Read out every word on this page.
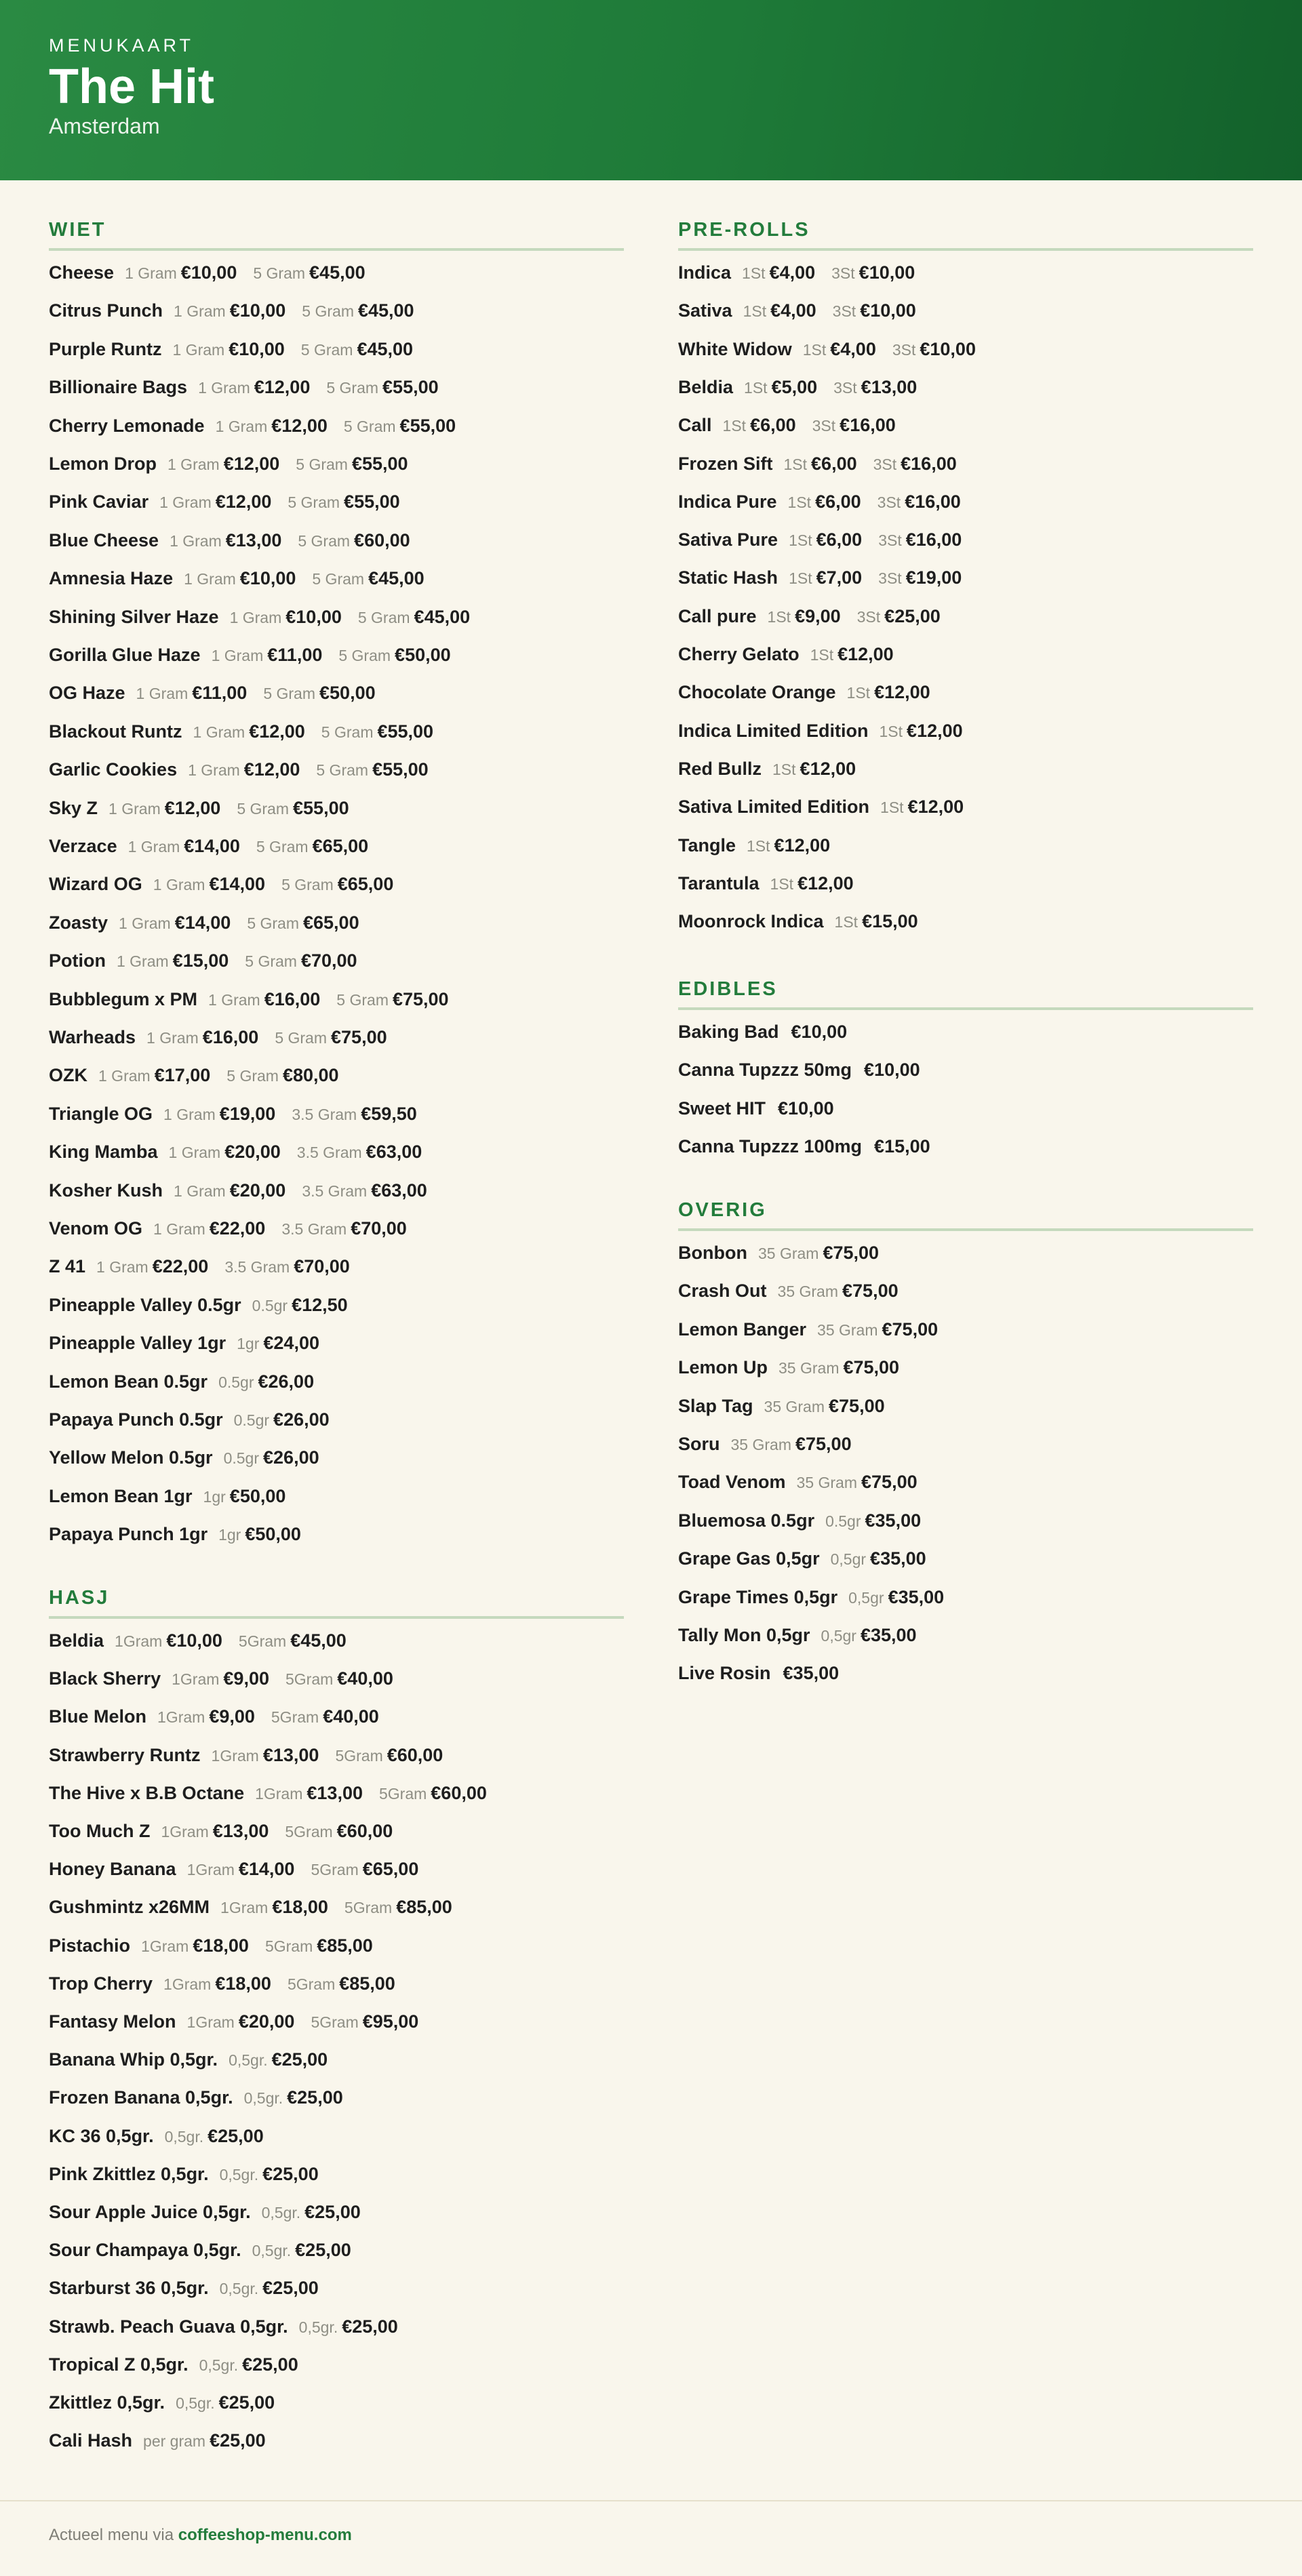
MENUKAART
The Hit
Amsterdam
WIET
Cheese 1 Gram €10,00 5 Gram €45,00
Citrus Punch 1 Gram €10,00 5 Gram €45,00
Purple Runtz 1 Gram €10,00 5 Gram €45,00
Billionaire Bags 1 Gram €12,00 5 Gram €55,00
Cherry Lemonade 1 Gram €12,00 5 Gram €55,00
Lemon Drop 1 Gram €12,00 5 Gram €55,00
Pink Caviar 1 Gram €12,00 5 Gram €55,00
Blue Cheese 1 Gram €13,00 5 Gram €60,00
Amnesia Haze 1 Gram €10,00 5 Gram €45,00
Shining Silver Haze 1 Gram €10,00 5 Gram €45,00
Gorilla Glue Haze 1 Gram €11,00 5 Gram €50,00
OG Haze 1 Gram €11,00 5 Gram €50,00
Blackout Runtz 1 Gram €12,00 5 Gram €55,00
Garlic Cookies 1 Gram €12,00 5 Gram €55,00
Sky Z 1 Gram €12,00 5 Gram €55,00
Verzace 1 Gram €14,00 5 Gram €65,00
Wizard OG 1 Gram €14,00 5 Gram €65,00
Zoasty 1 Gram €14,00 5 Gram €65,00
Potion 1 Gram €15,00 5 Gram €70,00
Bubblegum x PM 1 Gram €16,00 5 Gram €75,00
Warheads 1 Gram €16,00 5 Gram €75,00
OZK 1 Gram €17,00 5 Gram €80,00
Triangle OG 1 Gram €19,00 3.5 Gram €59,50
King Mamba 1 Gram €20,00 3.5 Gram €63,00
Kosher Kush 1 Gram €20,00 3.5 Gram €63,00
Venom OG 1 Gram €22,00 3.5 Gram €70,00
Z 41 1 Gram €22,00 3.5 Gram €70,00
Pineapple Valley 0.5gr 0.5gr €12,50
Pineapple Valley 1gr 1gr €24,00
Lemon Bean 0.5gr 0.5gr €26,00
Papaya Punch 0.5gr 0.5gr €26,00
Yellow Melon 0.5gr 0.5gr €26,00
Lemon Bean 1gr 1gr €50,00
Papaya Punch 1gr 1gr €50,00
HASJ
Beldia 1Gram €10,00 5Gram €45,00
Black Sherry 1Gram €9,00 5Gram €40,00
Blue Melon 1Gram €9,00 5Gram €40,00
Strawberry Runtz 1Gram €13,00 5Gram €60,00
The Hive x B.B Octane 1Gram €13,00 5Gram €60,00
Too Much Z 1Gram €13,00 5Gram €60,00
Honey Banana 1Gram €14,00 5Gram €65,00
Gushmintz x26MM 1Gram €18,00 5Gram €85,00
Pistachio 1Gram €18,00 5Gram €85,00
Trop Cherry 1Gram €18,00 5Gram €85,00
Fantasy Melon 1Gram €20,00 5Gram €95,00
Banana Whip 0,5gr. 0,5gr. €25,00
Frozen Banana 0,5gr. 0,5gr. €25,00
KC 36 0,5gr. 0,5gr. €25,00
Pink Zkittlez 0,5gr. 0,5gr. €25,00
Sour Apple Juice 0,5gr. 0,5gr. €25,00
Sour Champaya 0,5gr. 0,5gr. €25,00
Starburst 36 0,5gr. 0,5gr. €25,00
Strawb. Peach Guava 0,5gr. 0,5gr. €25,00
Tropical Z 0,5gr. 0,5gr. €25,00
Zkittlez 0,5gr. 0,5gr. €25,00
Cali Hash per gram €25,00
PRE-ROLLS
Indica 1St €4,00 3St €10,00
Sativa 1St €4,00 3St €10,00
White Widow 1St €4,00 3St €10,00
Beldia 1St €5,00 3St €13,00
Call 1St €6,00 3St €16,00
Frozen Sift 1St €6,00 3St €16,00
Indica Pure 1St €6,00 3St €16,00
Sativa Pure 1St €6,00 3St €16,00
Static Hash 1St €7,00 3St €19,00
Call pure 1St €9,00 3St €25,00
Cherry Gelato 1St €12,00
Chocolate Orange 1St €12,00
Indica Limited Edition 1St €12,00
Red Bullz 1St €12,00
Sativa Limited Edition 1St €12,00
Tangle 1St €12,00
Tarantula 1St €12,00
Moonrock Indica 1St €15,00
EDIBLES
Baking Bad €10,00
Canna Tupzzz 50mg €10,00
Sweet HIT €10,00
Canna Tupzzz 100mg €15,00
OVERIG
Bonbon 35 Gram €75,00
Crash Out 35 Gram €75,00
Lemon Banger 35 Gram €75,00
Lemon Up 35 Gram €75,00
Slap Tag 35 Gram €75,00
Soru 35 Gram €75,00
Toad Venom 35 Gram €75,00
Bluemosa 0.5gr 0.5gr €35,00
Grape Gas 0,5gr 0,5gr €35,00
Grape Times 0,5gr 0,5gr €35,00
Tally Mon 0,5gr 0,5gr €35,00
Live Rosin €35,00
Actueel menu via coffeeshop-menu.com
